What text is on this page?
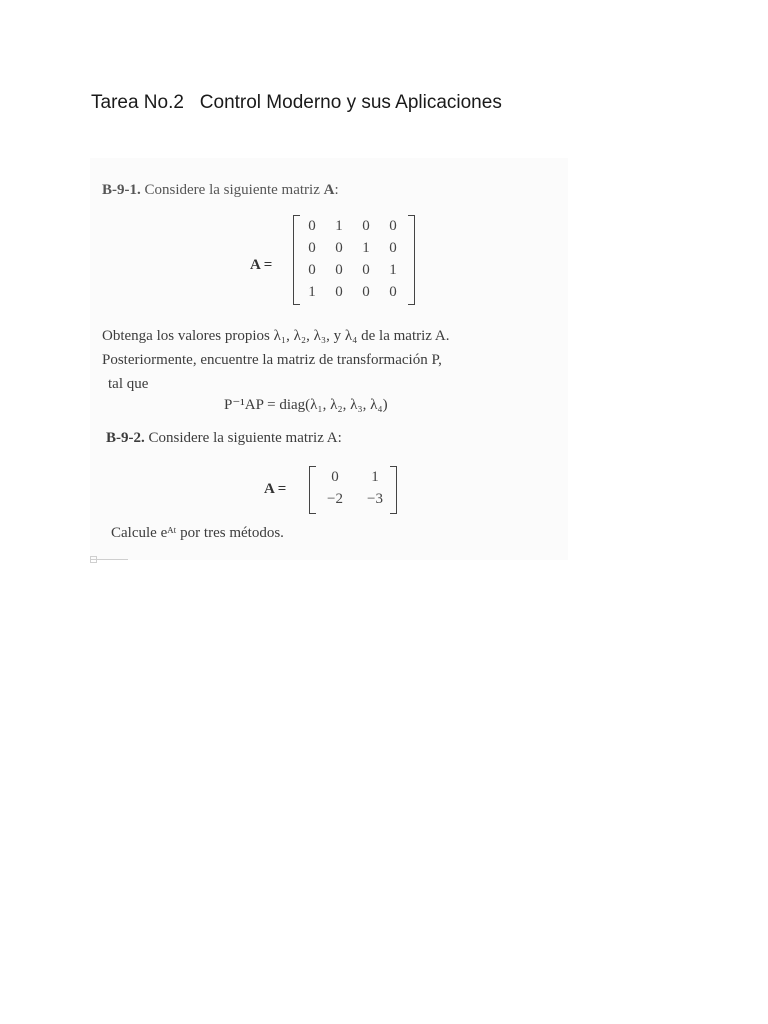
Tarea No.2   Control Moderno y sus Aplicaciones
B-9-1. Considere la siguiente matriz A:
A =
0	1	0	0
0	0	1	0
0	0	0	1
1	0	0	0
Obtenga los valores propios λ₁, λ₂, λ₃, y λ₄ de la matriz A.
Posteriormente, encuentre la matriz de transformación P,
tal que
P⁻¹AP = diag(λ₁, λ₂, λ₃, λ₄)
B-9-2. Considere la siguiente matriz A:
A =
0	1
−2	−3
Calcule eᴬᵗ por tres métodos.
